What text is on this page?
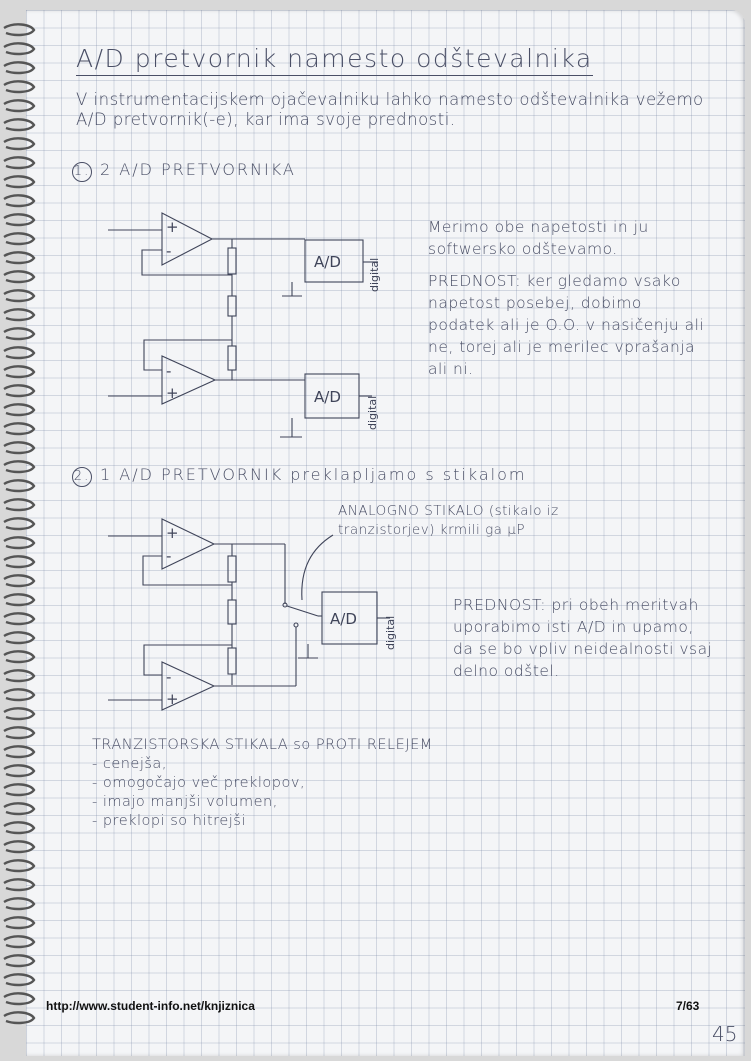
A/D pretvornik namesto odštevalnika
V instrumentacijskem ojačevalniku lahko namesto odštevalnika vežemo A/D pretvornik(-e), kar ima svoje prednosti.
1. 2 A/D PRETVORNIKA
Merimo obe napetosti in ju softwersko odštevamo.
PREDNOST: ker gledamo vsako napetost posebej, dobimo podatek ali je O.O. v nasičenju ali ne, torej ali je merilec vprašanja ali ni.
2. 1 A/D PRETVORNIK preklapljamo s stikalom
ANALOGNO STIKALO (stikalo iz tranzistorjev) krmili ga µP
PREDNOST: pri obeh meritvah uporabimo isti A/D in upamo, da se bo vpliv neidealnosti vsaj delno odštel.
TRANZISTORSKA STIKALA so PROTI RELEJEM
- cenejša,
- omogočajo več preklopov,
- imajo manjši volumen,
- preklopi so hitrejši
+
-
-
+
A/D digital
A/D digital
+
-
-
+
A/D digital
http://www.student-info.net/knjiznica	7/63
45
